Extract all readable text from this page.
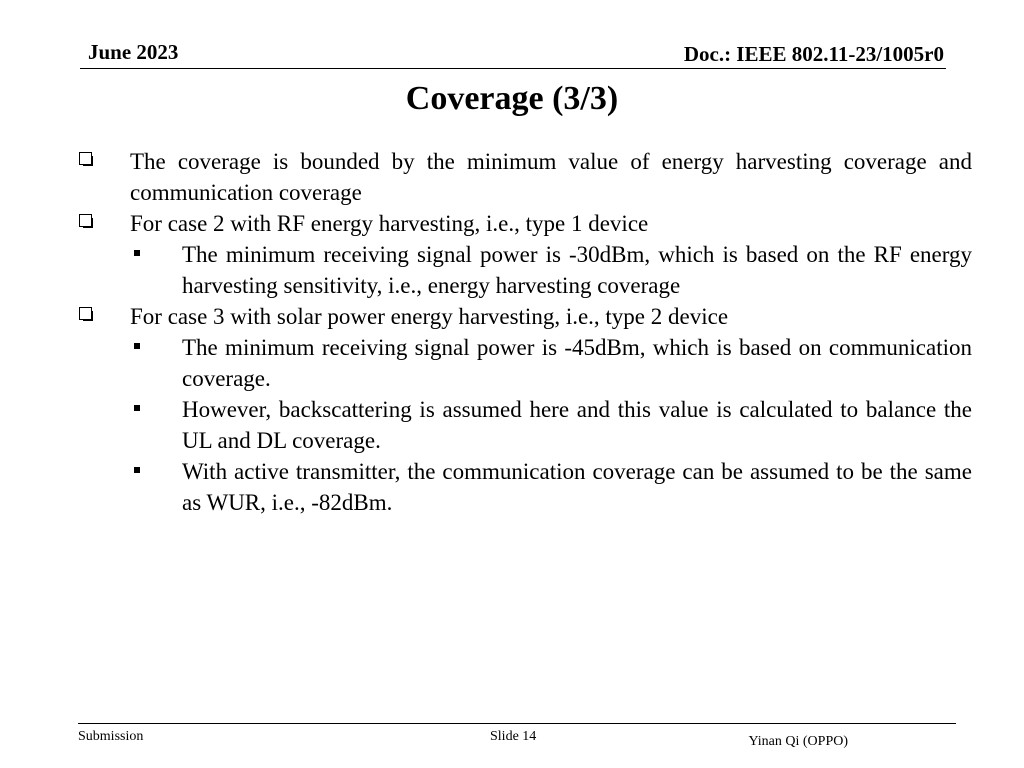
June 2023	Doc.: IEEE 802.11-23/1005r0
Coverage (3/3)
The coverage is bounded by the minimum value of energy harvesting coverage and communication coverage
For case 2 with RF energy harvesting, i.e., type 1 device
The minimum receiving signal power is -30dBm, which is based on the RF energy harvesting sensitivity, i.e., energy harvesting coverage
For case 3 with solar power energy harvesting, i.e., type 2 device
The minimum receiving signal power is -45dBm, which is based on communication coverage.
However, backscattering is assumed here and this value is calculated to balance the UL and DL coverage.
With active transmitter, the communication coverage can be assumed to be the same as WUR, i.e., -82dBm.
Submission	Slide 14	Yinan Qi (OPPO)
